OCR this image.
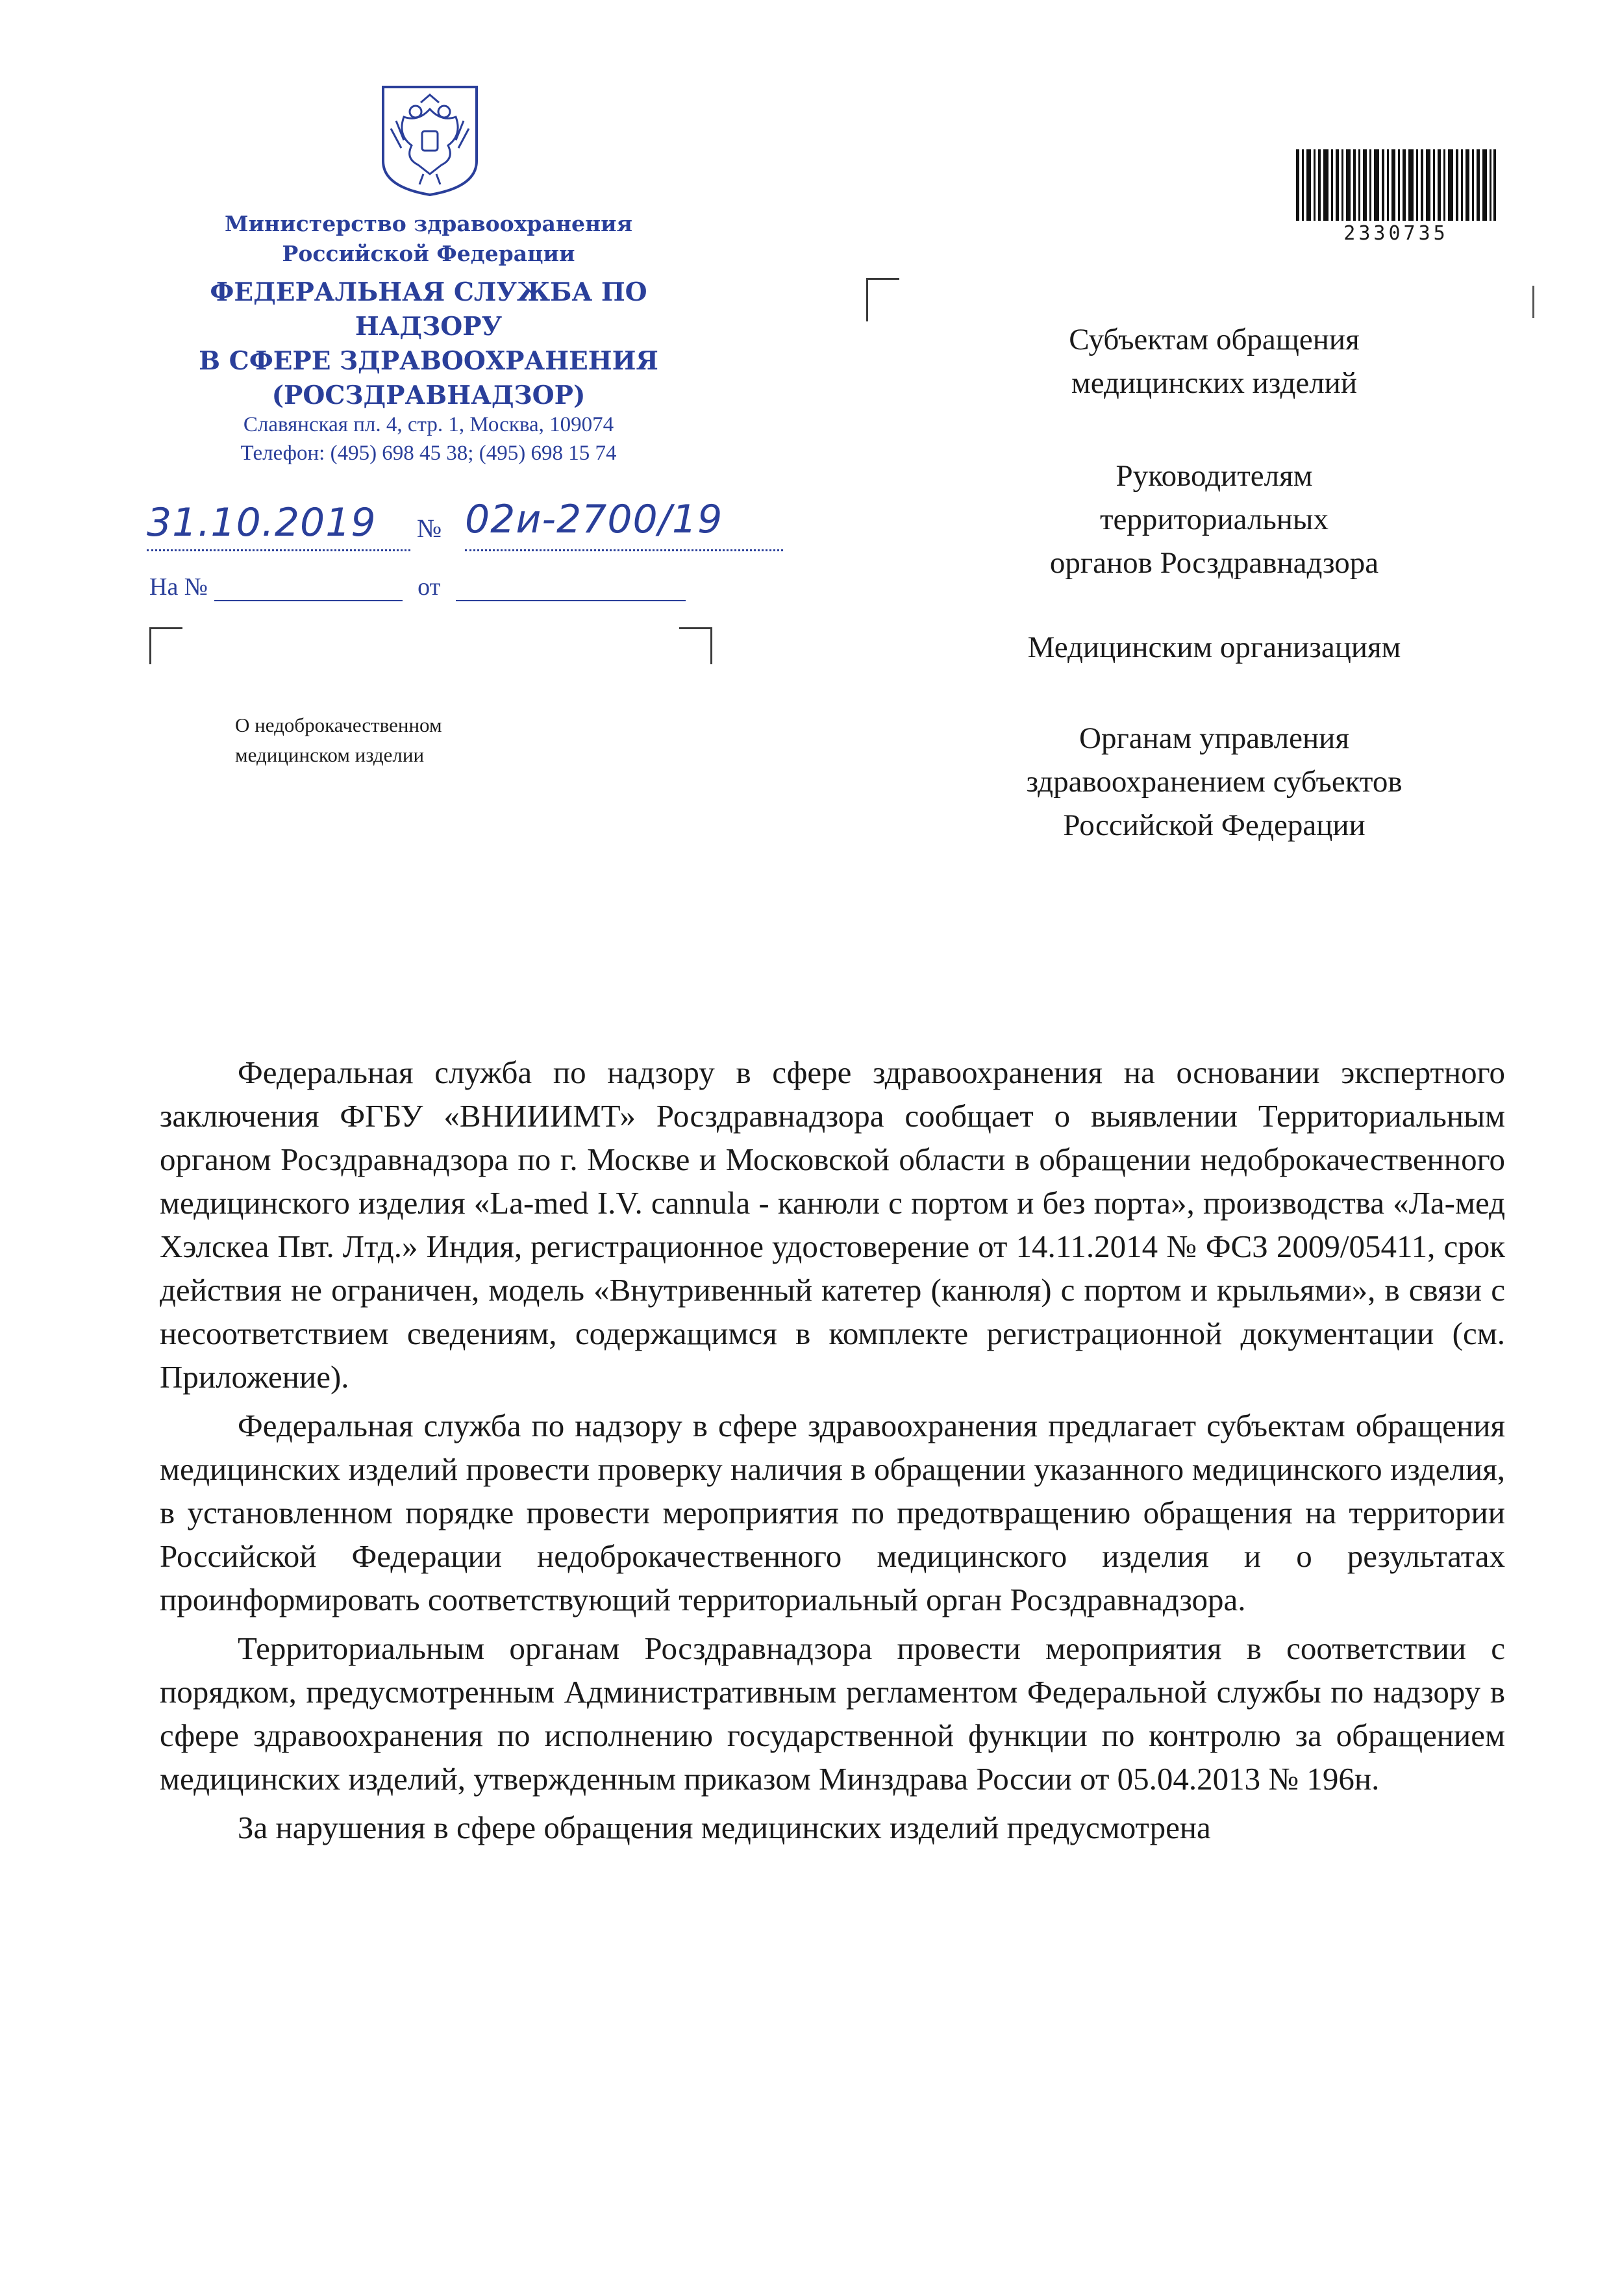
Министерство здравоохранения
Российской Федерации
ФЕДЕРАЛЬНАЯ СЛУЖБА ПО НАДЗОРУ
В СФЕРЕ ЗДРАВООХРАНЕНИЯ
(РОСЗДРАВНАДЗОР)
Славянская пл. 4, стр. 1, Москва, 109074
Телефон: (495) 698 45 38; (495) 698 15 74
31.10.2019 № 02и-2700/19
На №	от
О недоброкачественном
медицинском изделии
2330735
Субъектам обращения
медицинских изделий
Руководителям
территориальных
органов Росздравнадзора
Медицинским организациям
Органам управления
здравоохранением субъектов
Российской Федерации

Федеральная служба по надзору в сфере здравоохранения на основании экспертного заключения ФГБУ «ВНИИИМТ» Росздравнадзора сообщает о выявлении Территориальным органом Росздравнадзора по г. Москве и Московской области в обращении недоброкачественного медицинского изделия «La-med I.V. cannula - канюли с портом и без порта», производства «Ла-мед Хэлскеа Пвт. Лтд.» Индия, регистрационное удостоверение от 14.11.2014 № ФСЗ 2009/05411, срок действия не ограничен, модель «Внутривенный катетер (канюля) с портом и крыльями», в связи с несоответствием сведениям, содержащимся в комплекте регистрационной документации (см. Приложение).

Федеральная служба по надзору в сфере здравоохранения предлагает субъектам обращения медицинских изделий провести проверку наличия в обращении указанного медицинского изделия, в установленном порядке провести мероприятия по предотвращению обращения на территории Российской Федерации недоброкачественного медицинского изделия и о результатах проинформировать соответствующий территориальный орган Росздравнадзора.

Территориальным органам Росздравнадзора провести мероприятия в соответствии с порядком, предусмотренным Административным регламентом Федеральной службы по надзору в сфере здравоохранения по исполнению государственной функции по контролю за обращением медицинских изделий, утвержденным приказом Минздрава России от 05.04.2013 № 196н.

За нарушения в сфере обращения медицинских изделий предусмотрена
